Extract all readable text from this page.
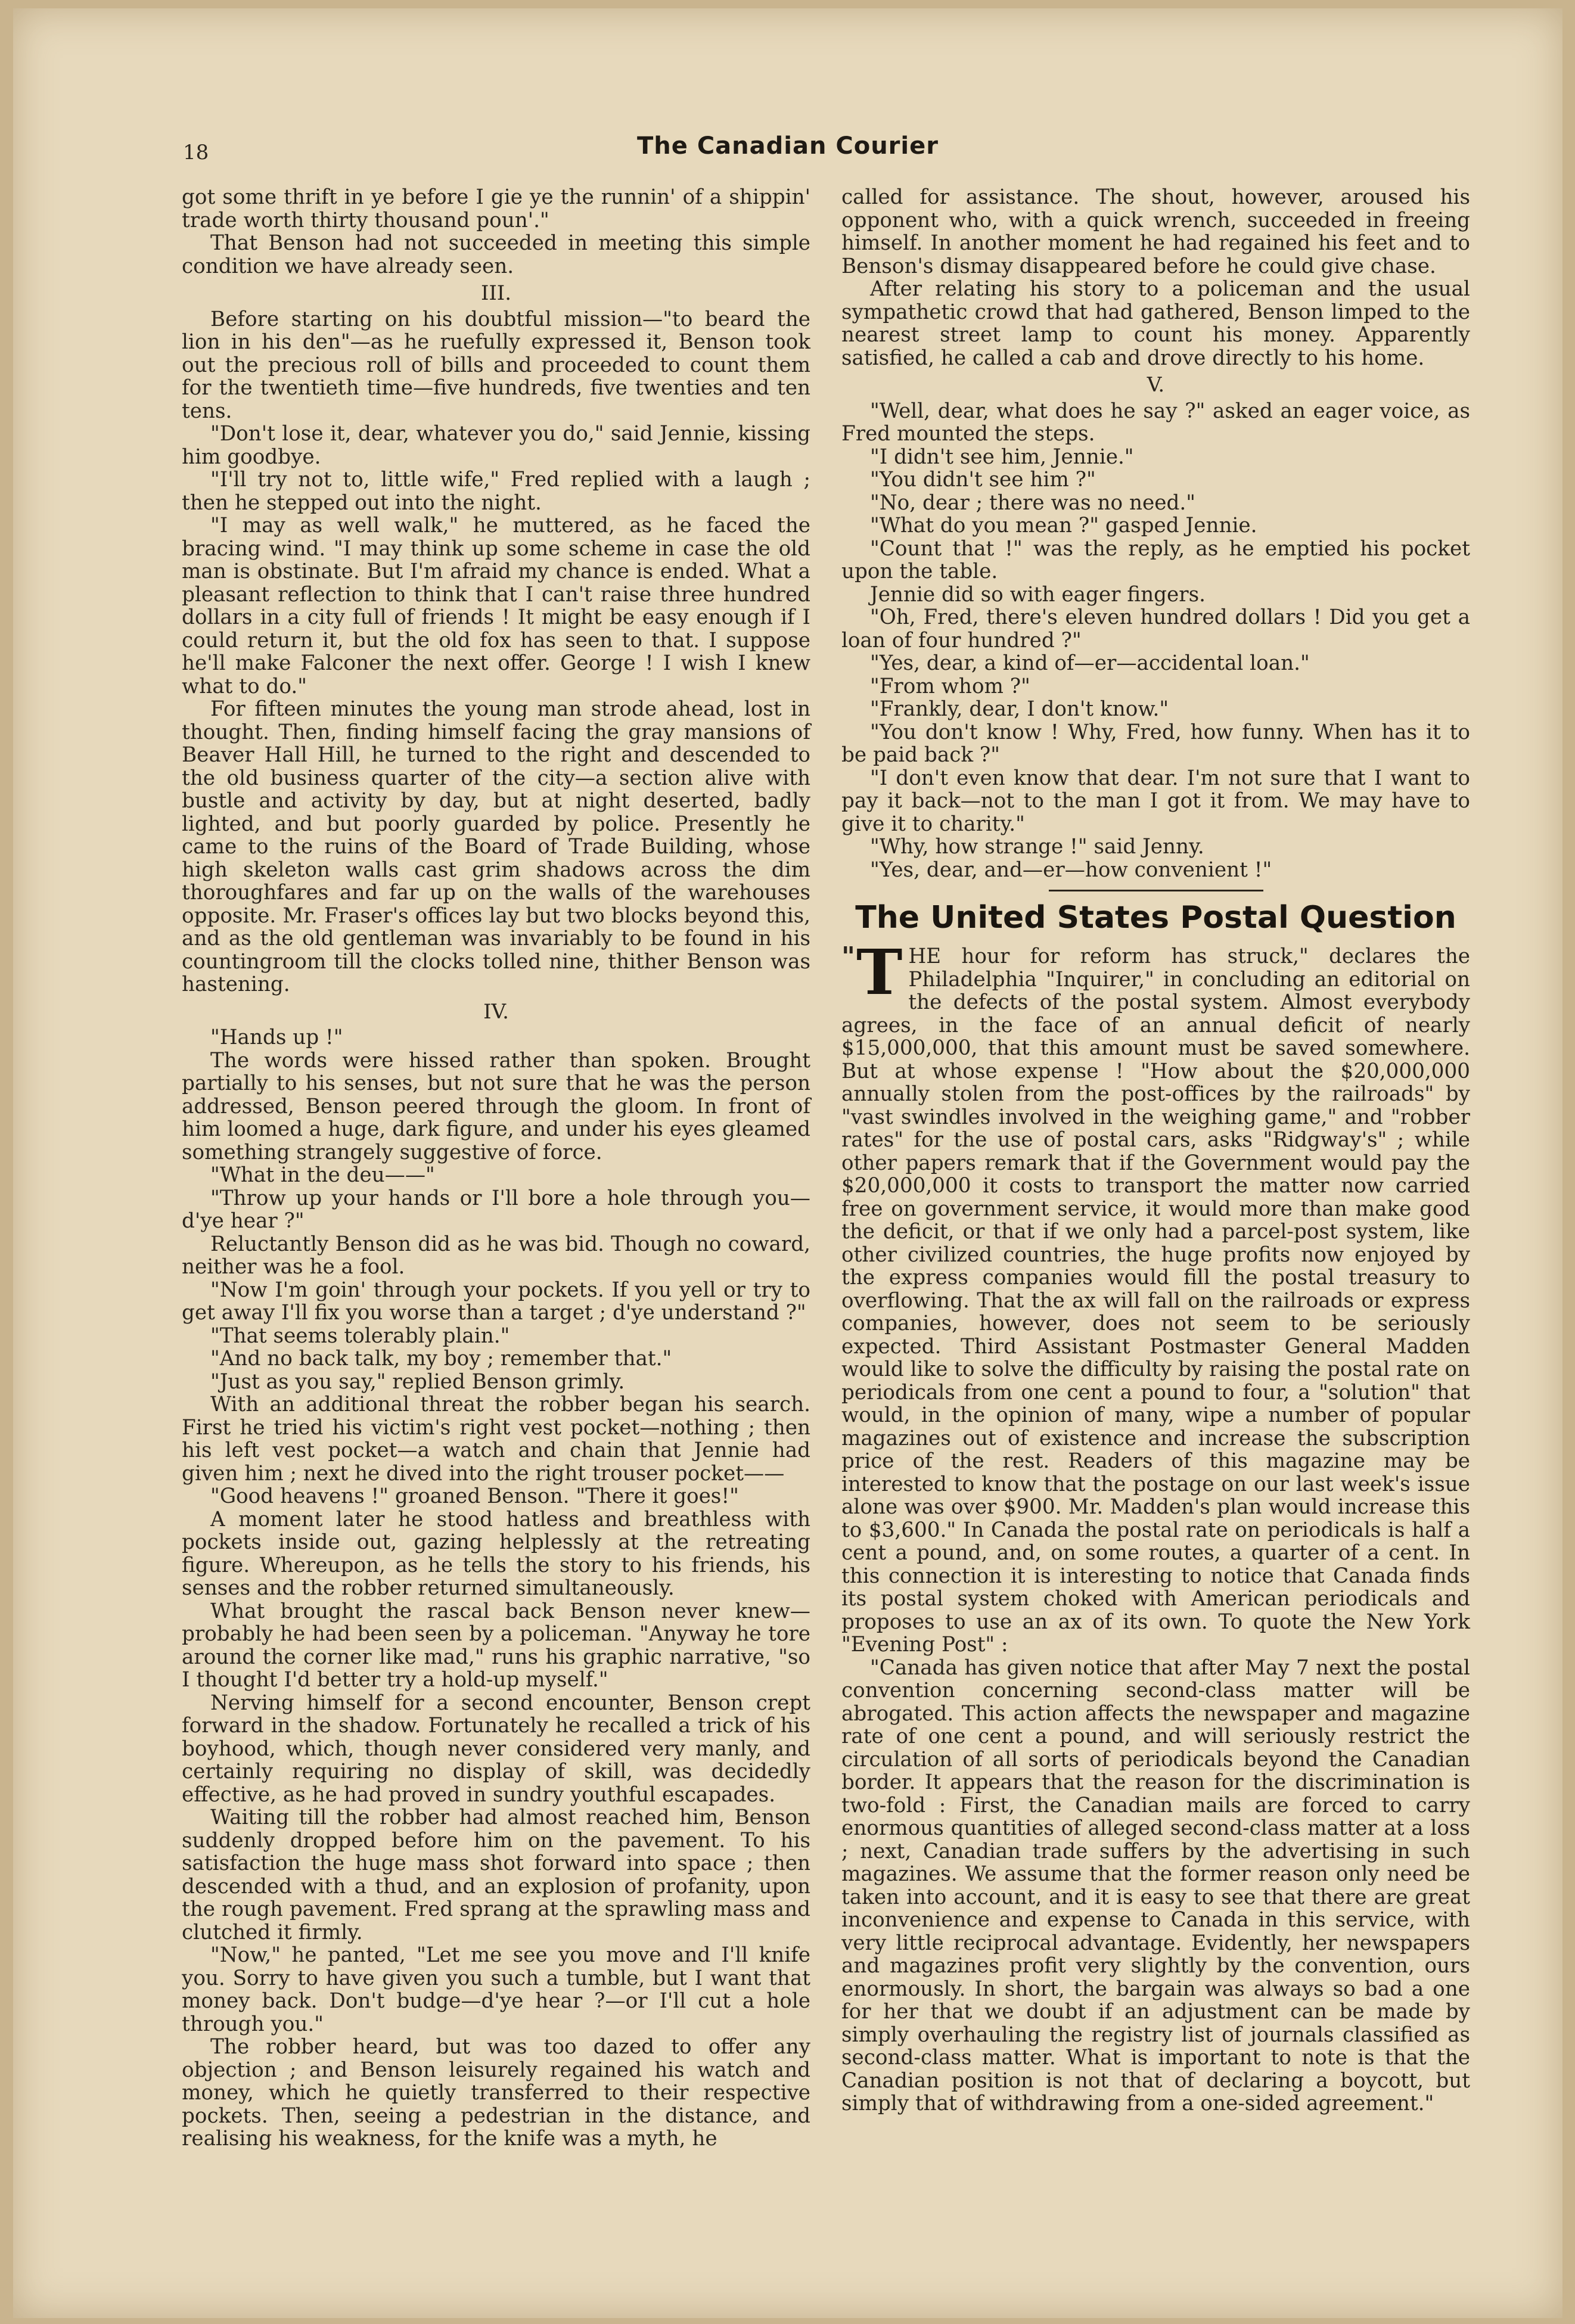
18	The Canadian Courier

got some thrift in ye before I gie ye the runnin' of a shippin' trade worth thirty thousand poun'."

That Benson had not succeeded in meeting this simple condition we have already seen.

III.

Before starting on his doubtful mission—"to beard the lion in his den"—as he ruefully expressed it, Benson took out the precious roll of bills and proceeded to count them for the twentieth time—five hundreds, five twenties and ten tens.

"Don't lose it, dear, whatever you do," said Jennie, kissing him goodbye.

"I'll try not to, little wife," Fred replied with a laugh ; then he stepped out into the night.

"I may as well walk," he muttered, as he faced the bracing wind. "I may think up some scheme in case the old man is obstinate. But I'm afraid my chance is ended. What a pleasant reflection to think that I can't raise three hundred dollars in a city full of friends ! It might be easy enough if I could return it, but the old fox has seen to that. I suppose he'll make Falconer the next offer. George ! I wish I knew what to do."

For fifteen minutes the young man strode ahead, lost in thought. Then, finding himself facing the gray mansions of Beaver Hall Hill, he turned to the right and descended to the old business quarter of the city—a section alive with bustle and activity by day, but at night deserted, badly lighted, and but poorly guarded by police. Presently he came to the ruins of the Board of Trade Building, whose high skeleton walls cast grim shadows across the dim thoroughfares and far up on the walls of the warehouses opposite. Mr. Fraser's offices lay but two blocks beyond this, and as the old gentleman was invariably to be found in his countingroom till the clocks tolled nine, thither Benson was hastening.

IV.

"Hands up !"

The words were hissed rather than spoken. Brought partially to his senses, but not sure that he was the person addressed, Benson peered through the gloom. In front of him loomed a huge, dark figure, and under his eyes gleamed something strangely suggestive of force.

"What in the deu——"

"Throw up your hands or I'll bore a hole through you—d'ye hear ?"

Reluctantly Benson did as he was bid. Though no coward, neither was he a fool.

"Now I'm goin' through your pockets. If you yell or try to get away I'll fix you worse than a target ; d'ye understand ?"

"That seems tolerably plain."

"And no back talk, my boy ; remember that."

"Just as you say," replied Benson grimly.

With an additional threat the robber began his search. First he tried his victim's right vest pocket—nothing ; then his left vest pocket—a watch and chain that Jennie had given him ; next he dived into the right trouser pocket——

"Good heavens !" groaned Benson. "There it goes!"

A moment later he stood hatless and breathless with pockets inside out, gazing helplessly at the retreating figure. Whereupon, as he tells the story to his friends, his senses and the robber returned simultaneously.

What brought the rascal back Benson never knew—probably he had been seen by a policeman. "Anyway he tore around the corner like mad," runs his graphic narrative, "so I thought I'd better try a hold-up myself."

Nerving himself for a second encounter, Benson crept forward in the shadow. Fortunately he recalled a trick of his boyhood, which, though never considered very manly, and certainly requiring no display of skill, was decidedly effective, as he had proved in sundry youthful escapades.

Waiting till the robber had almost reached him, Benson suddenly dropped before him on the pavement. To his satisfaction the huge mass shot forward into space ; then descended with a thud, and an explosion of profanity, upon the rough pavement. Fred sprang at the sprawling mass and clutched it firmly.

"Now," he panted, "Let me see you move and I'll knife you. Sorry to have given you such a tumble, but I want that money back. Don't budge—d'ye hear ?—or I'll cut a hole through you."

The robber heard, but was too dazed to offer any objection ; and Benson leisurely regained his watch and money, which he quietly transferred to their respective pockets. Then, seeing a pedestrian in the distance, and realising his weakness, for the knife was a myth, he

called for assistance. The shout, however, aroused his opponent who, with a quick wrench, succeeded in freeing himself. In another moment he had regained his feet and to Benson's dismay disappeared before he could give chase.

After relating his story to a policeman and the usual sympathetic crowd that had gathered, Benson limped to the nearest street lamp to count his money. Apparently satisfied, he called a cab and drove directly to his home.

V.

"Well, dear, what does he say ?" asked an eager voice, as Fred mounted the steps.

"I didn't see him, Jennie."

"You didn't see him ?"

"No, dear ; there was no need."

"What do you mean ?" gasped Jennie.

"Count that !" was the reply, as he emptied his pocket upon the table.

Jennie did so with eager fingers.

"Oh, Fred, there's eleven hundred dollars ! Did you get a loan of four hundred ?"

"Yes, dear, a kind of—er—accidental loan."

"From whom ?"

"Frankly, dear, I don't know."

"You don't know ! Why, Fred, how funny. When has it to be paid back ?"

"I don't even know that dear. I'm not sure that I want to pay it back—not to the man I got it from. We may have to give it to charity."

"Why, how strange !" said Jenny.

"Yes, dear, and—er—how convenient !"

The United States Postal Question

" T HE hour for reform has struck," declares the Philadelphia "Inquirer," in concluding an editorial on the defects of the postal system. Almost everybody agrees, in the face of an annual deficit of nearly $15,000,000, that this amount must be saved somewhere. But at whose expense ! "How about the $20,000,000 annually stolen from the post-offices by the railroads" by "vast swindles involved in the weighing game," and "robber rates" for the use of postal cars, asks "Ridgway's" ; while other papers remark that if the Government would pay the $20,000,000 it costs to transport the matter now carried free on government service, it would more than make good the deficit, or that if we only had a parcel-post system, like other civilized countries, the huge profits now enjoyed by the express companies would fill the postal treasury to overflowing. That the ax will fall on the railroads or express companies, however, does not seem to be seriously expected. Third Assistant Postmaster General Madden would like to solve the difficulty by raising the postal rate on periodicals from one cent a pound to four, a "solution" that would, in the opinion of many, wipe a number of popular magazines out of existence and increase the subscription price of the rest. Readers of this magazine may be interested to know that the postage on our last week's issue alone was over $900. Mr. Madden's plan would increase this to $3,600." In Canada the postal rate on periodicals is half a cent a pound, and, on some routes, a quarter of a cent. In this connection it is interesting to notice that Canada finds its postal system choked with American periodicals and proposes to use an ax of its own. To quote the New York "Evening Post" :

"Canada has given notice that after May 7 next the postal convention concerning second-class matter will be abrogated. This action affects the newspaper and magazine rate of one cent a pound, and will seriously restrict the circulation of all sorts of periodicals beyond the Canadian border. It appears that the reason for the discrimination is two-fold : First, the Canadian mails are forced to carry enormous quantities of alleged second-class matter at a loss ; next, Canadian trade suffers by the advertising in such magazines. We assume that the former reason only need be taken into account, and it is easy to see that there are great inconvenience and expense to Canada in this service, with very little reciprocal advantage. Evidently, her newspapers and magazines profit very slightly by the convention, ours enormously. In short, the bargain was always so bad a one for her that we doubt if an adjustment can be made by simply overhauling the registry list of journals classified as second-class matter. What is important to note is that the Canadian position is not that of declaring a boycott, but simply that of withdrawing from a one-sided agreement."
